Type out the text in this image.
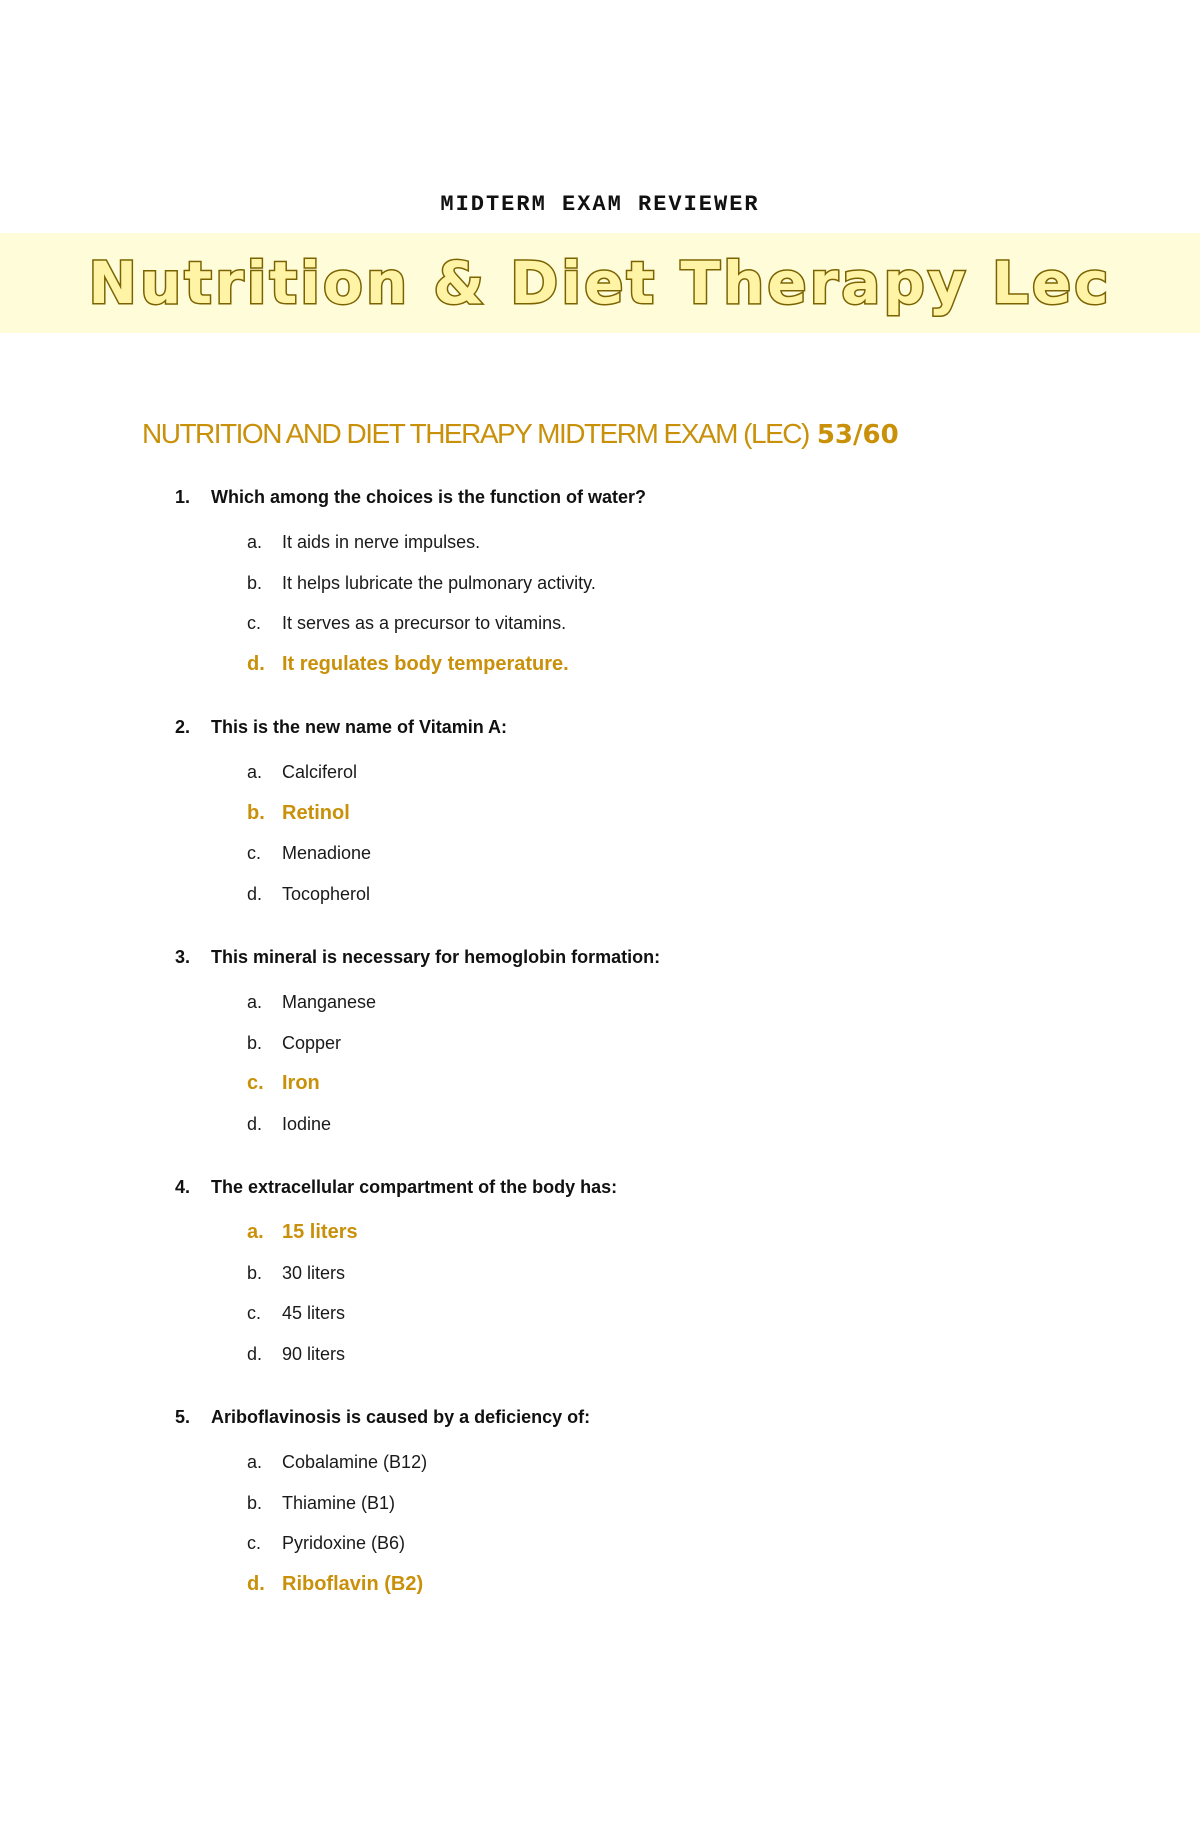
MIDTERM EXAM REVIEWER
Nutrition & Diet Therapy Lec
NUTRITION AND DIET THERAPY MIDTERM EXAM (LEC) 53/60
1. Which among the choices is the function of water?
a. It aids in nerve impulses.
b. It helps lubricate the pulmonary activity.
c. It serves as a precursor to vitamins.
d. It regulates body temperature.
2. This is the new name of Vitamin A:
a. Calciferol
b. Retinol
c. Menadione
d. Tocopherol
3. This mineral is necessary for hemoglobin formation:
a. Manganese
b. Copper
c. Iron
d. Iodine
4. The extracellular compartment of the body has:
a. 15 liters
b. 30 liters
c. 45 liters
d. 90 liters
5. Ariboflavinosis is caused by a deficiency of:
a. Cobalamine (B12)
b. Thiamine (B1)
c. Pyridoxine (B6)
d. Riboflavin (B2)
